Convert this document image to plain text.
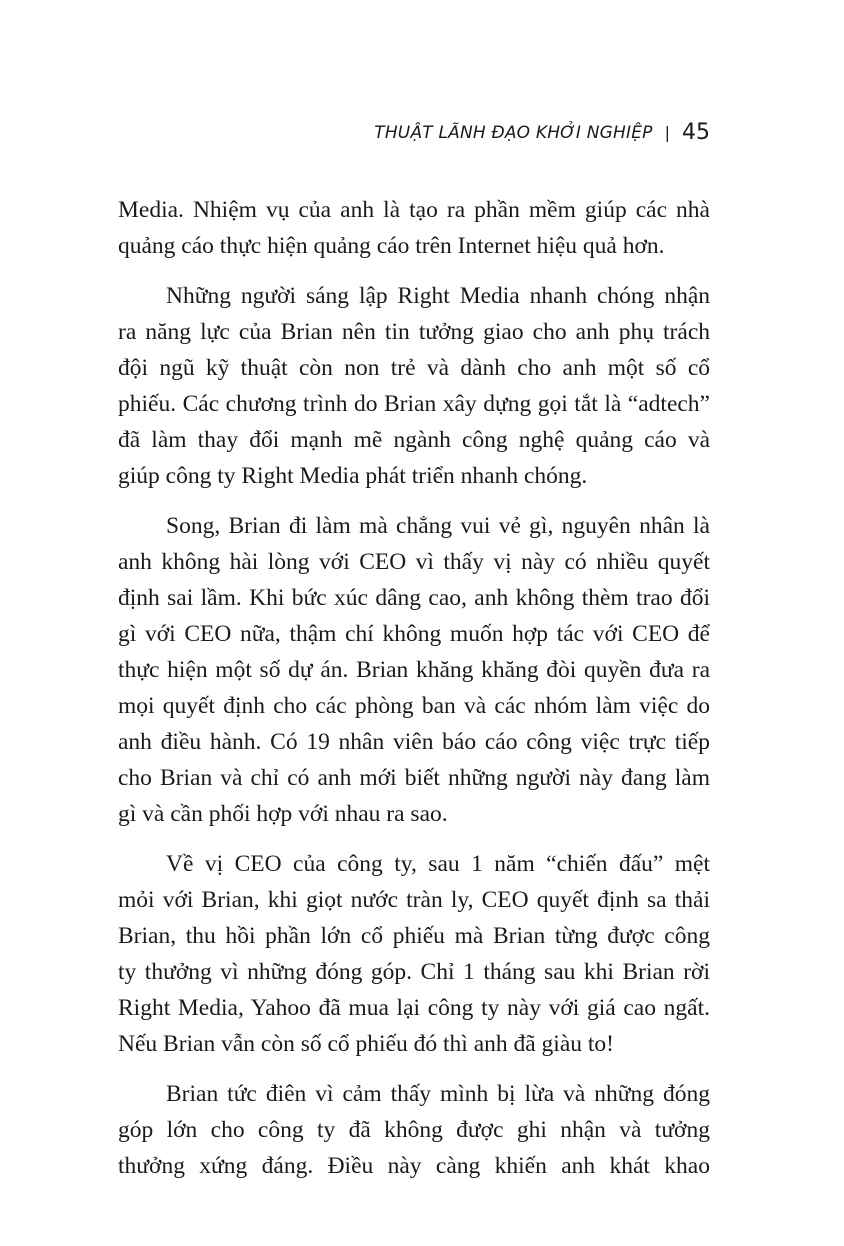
THUẬT LÃNH ĐẠO KHỞI NGHIỆP | 45
Media. Nhiệm vụ của anh là tạo ra phần mềm giúp các nhà
quảng cáo thực hiện quảng cáo trên Internet hiệu quả hơn.
Những người sáng lập Right Media nhanh chóng nhận
ra năng lực của Brian nên tin tưởng giao cho anh phụ trách
đội ngũ kỹ thuật còn non trẻ và dành cho anh một số cổ
phiếu. Các chương trình do Brian xây dựng gọi tắt là “adtech”
đã làm thay đổi mạnh mẽ ngành công nghệ quảng cáo và
giúp công ty Right Media phát triển nhanh chóng.
Song, Brian đi làm mà chẳng vui vẻ gì, nguyên nhân là
anh không hài lòng với CEO vì thấy vị này có nhiều quyết
định sai lầm. Khi bức xúc dâng cao, anh không thèm trao đổi
gì với CEO nữa, thậm chí không muốn hợp tác với CEO để
thực hiện một số dự án. Brian khăng khăng đòi quyền đưa ra
mọi quyết định cho các phòng ban và các nhóm làm việc do
anh điều hành. Có 19 nhân viên báo cáo công việc trực tiếp
cho Brian và chỉ có anh mới biết những người này đang làm
gì và cần phối hợp với nhau ra sao.
Về vị CEO của công ty, sau 1 năm “chiến đấu” mệt
mỏi với Brian, khi giọt nước tràn ly, CEO quyết định sa thải
Brian, thu hồi phần lớn cổ phiếu mà Brian từng được công
ty thưởng vì những đóng góp. Chỉ 1 tháng sau khi Brian rời
Right Media, Yahoo đã mua lại công ty này với giá cao ngất.
Nếu Brian vẫn còn số cổ phiếu đó thì anh đã giàu to!
Brian tức điên vì cảm thấy mình bị lừa và những đóng
góp lớn cho công ty đã không được ghi nhận và tưởng
thưởng xứng đáng. Điều này càng khiến anh khát khao
